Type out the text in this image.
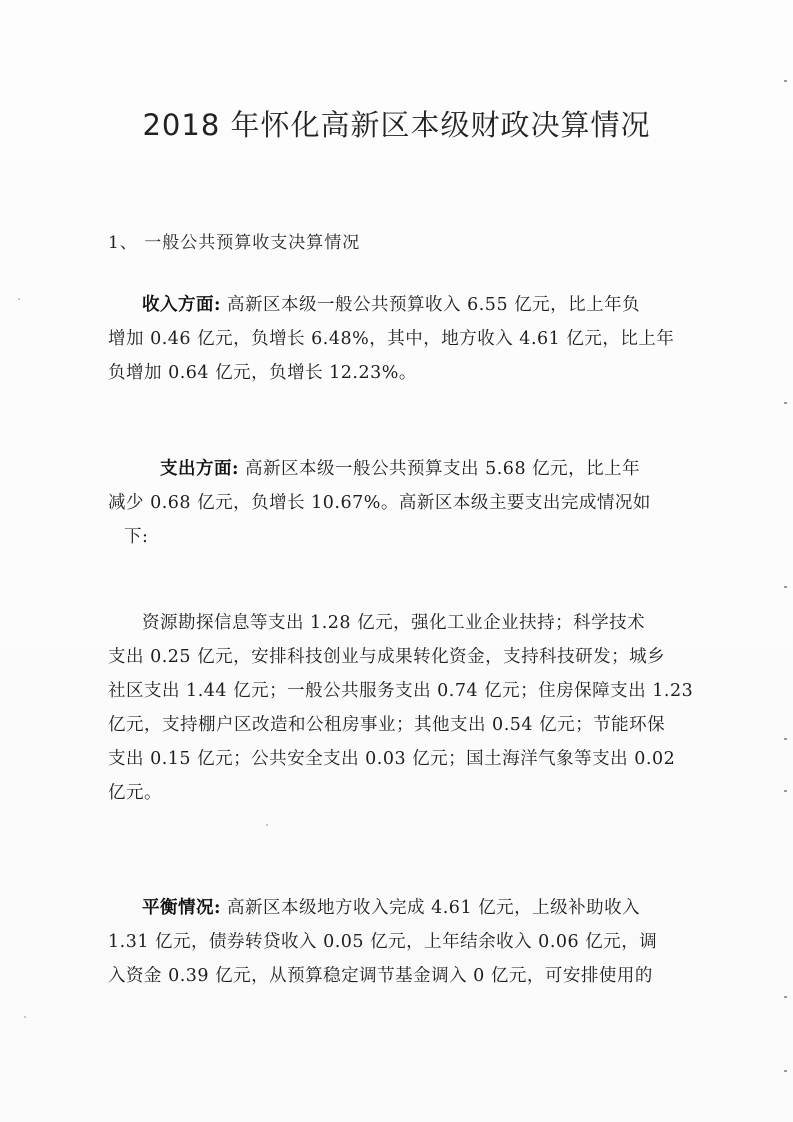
2018 年怀化高新区本级财政决算情况
1、 一般公共预算收支决算情况

收入方面: 高新区本级一般公共预算收入 6.55 亿元，比上年负
增加 0.46 亿元，负增长 6.48%，其中，地方收入 4.61 亿元，比上年
负增加 0.64 亿元，负增长 12.23%。

支出方面: 高新区本级一般公共预算支出 5.68 亿元，比上年
减少 0.68 亿元，负增长 10.67%。高新区本级主要支出完成情况如
下:

资源勘探信息等支出 1.28 亿元，强化工业企业扶持；科学技术
支出 0.25 亿元，安排科技创业与成果转化资金，支持科技研发；城乡
社区支出 1.44 亿元；一般公共服务支出 0.74 亿元；住房保障支出 1.23
亿元，支持棚户区改造和公租房事业；其他支出 0.54 亿元；节能环保
支出 0.15 亿元；公共安全支出 0.03 亿元；国土海洋气象等支出 0.02
亿元。

平衡情况: 高新区本级地方收入完成 4.61 亿元，上级补助收入
1.31 亿元，债券转贷收入 0.05 亿元，上年结余收入 0.06 亿元，调
入资金 0.39 亿元，从预算稳定调节基金调入 0 亿元，可安排使用的
